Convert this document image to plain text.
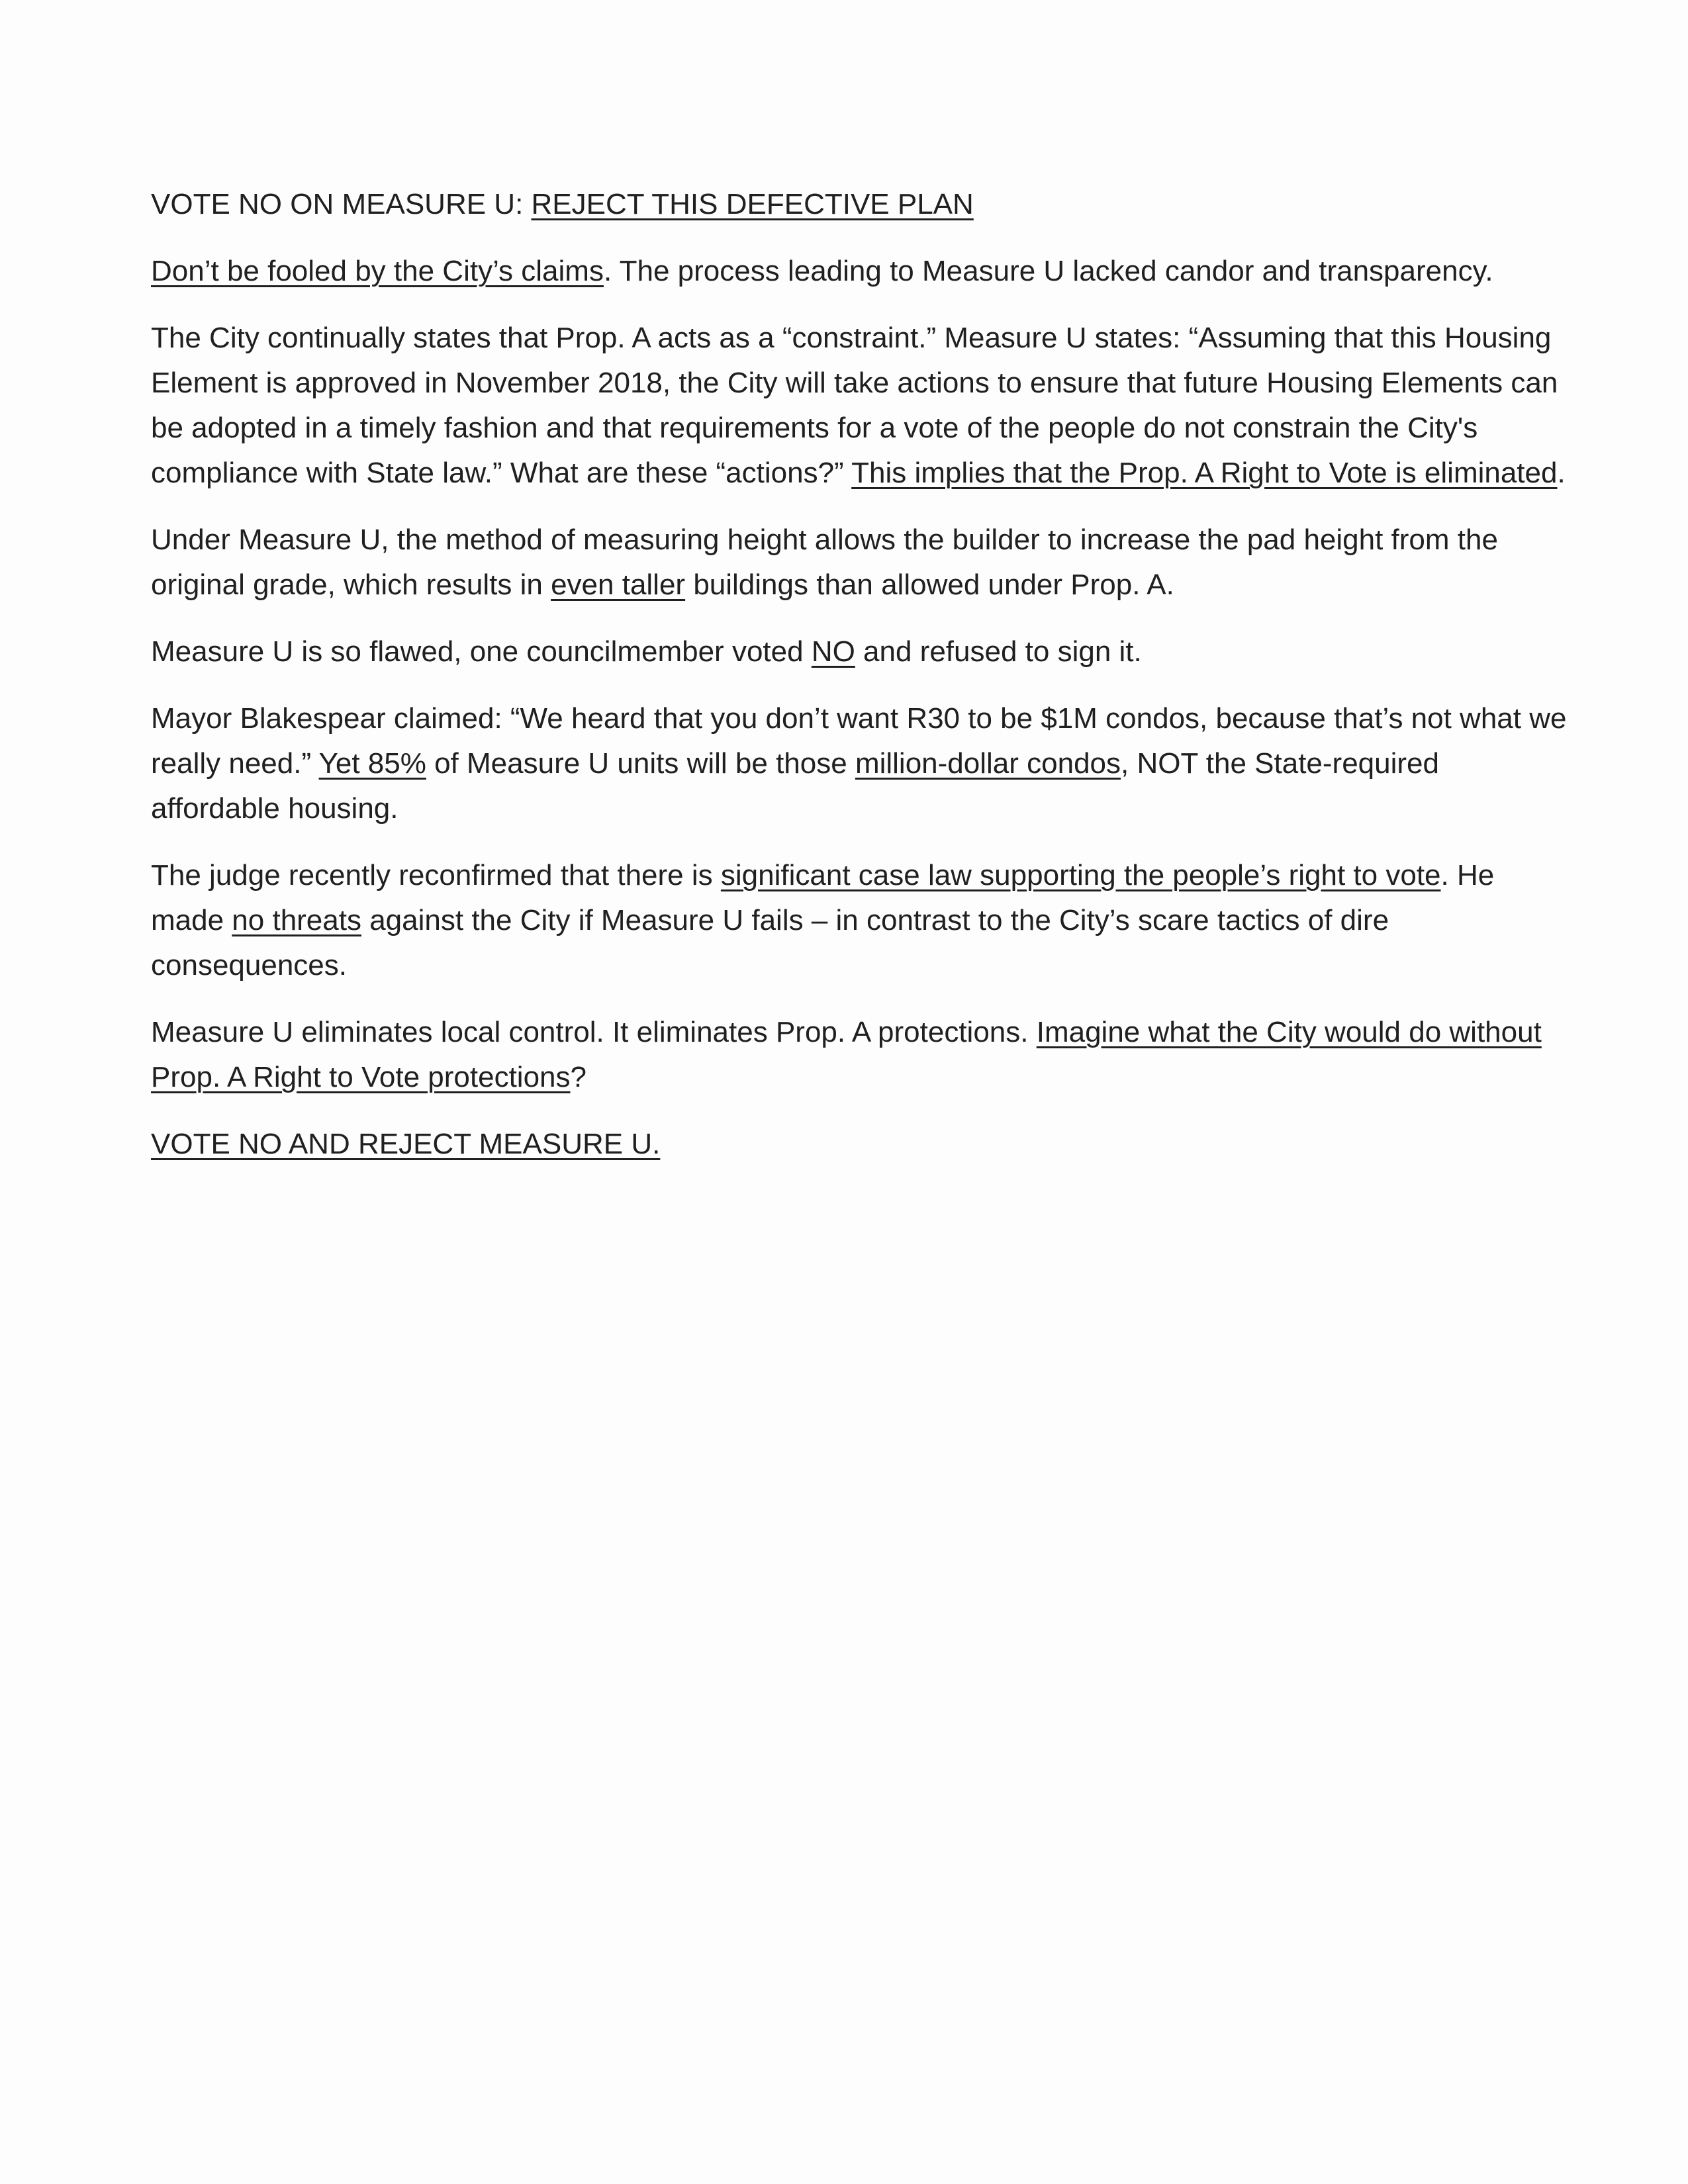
VOTE NO ON MEASURE U: REJECT THIS DEFECTIVE PLAN
Don’t be fooled by the City’s claims. The process leading to Measure U lacked candor and transparency.
The City continually states that Prop. A acts as a “constraint.” Measure U states: “Assuming that this Housing Element is approved in November 2018, the City will take actions to ensure that future Housing Elements can be adopted in a timely fashion and that requirements for a vote of the people do not constrain the City's compliance with State law.” What are these “actions?” This implies that the Prop. A Right to Vote is eliminated.
Under Measure U, the method of measuring height allows the builder to increase the pad height from the original grade, which results in even taller buildings than allowed under Prop. A.
Measure U is so flawed, one councilmember voted NO and refused to sign it.
Mayor Blakespear claimed: “We heard that you don’t want R30 to be $1M condos, because that’s not what we really need.” Yet 85% of Measure U units will be those million-dollar condos, NOT the State-required affordable housing.
The judge recently reconfirmed that there is significant case law supporting the people’s right to vote. He made no threats against the City if Measure U fails – in contrast to the City’s scare tactics of dire consequences.
Measure U eliminates local control. It eliminates Prop. A protections. Imagine what the City would do without Prop. A Right to Vote protections?
VOTE NO AND REJECT MEASURE U.
